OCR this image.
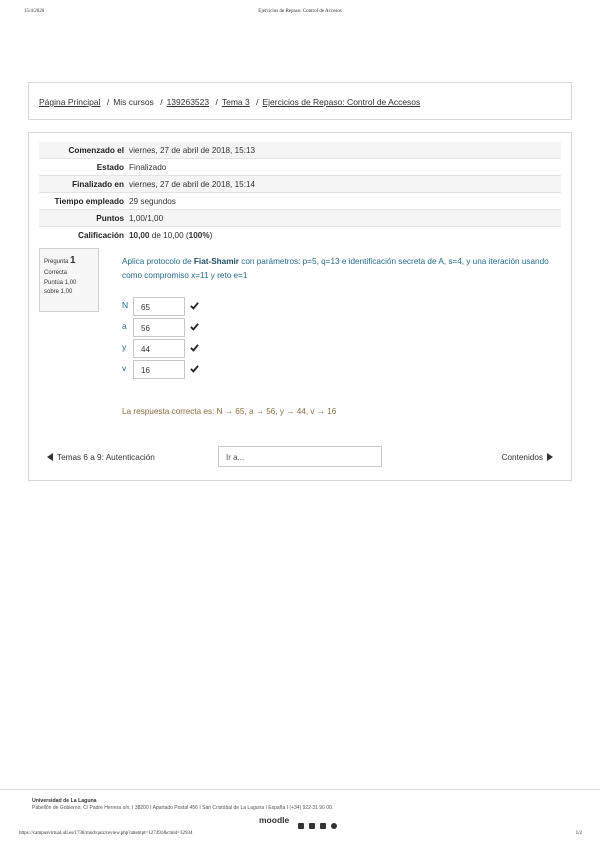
15/4/2020	Ejercicios de Repaso: Control de Accesos
Página Principal / Mis cursos / 139263523 / Tema 3 / Ejercicios de Repaso: Control de Accesos
Comenzado el	viernes, 27 de abril de 2018, 15:13
Estado	Finalizado
Finalizado en	viernes, 27 de abril de 2018, 15:14
Tiempo empleado	29 segundos
Puntos	1,00/1,00
Calificación	10,00 de 10,00 (100%)
Pregunta 1
Correcta
Puntúa 1,00
sobre 1,00
Aplica protocolo de Fiat-Shamir con parámetros: p=5, q=13 e identificación secreta de A, s=4, y una iteración usando como compromiso x=11 y reto e=1
N	65
a	56
y	44
v	16
La respuesta correcta es: N → 65, a → 56, y → 44, v → 16
Temas 6 a 9: Autenticación	Ir a...	Contenidos
Universidad de La Laguna
Pabellón de Gobierno, C/ Padre Herrera s/n. I 38200 I Apartado Postal 456 I San Cristóbal de La Laguna I España I (+34) 922 31 90 00.
moodle
https://campusvirtual.ull.es/1738/mod/quiz/review.php?attempt=127491&cmid=32934	1/2
